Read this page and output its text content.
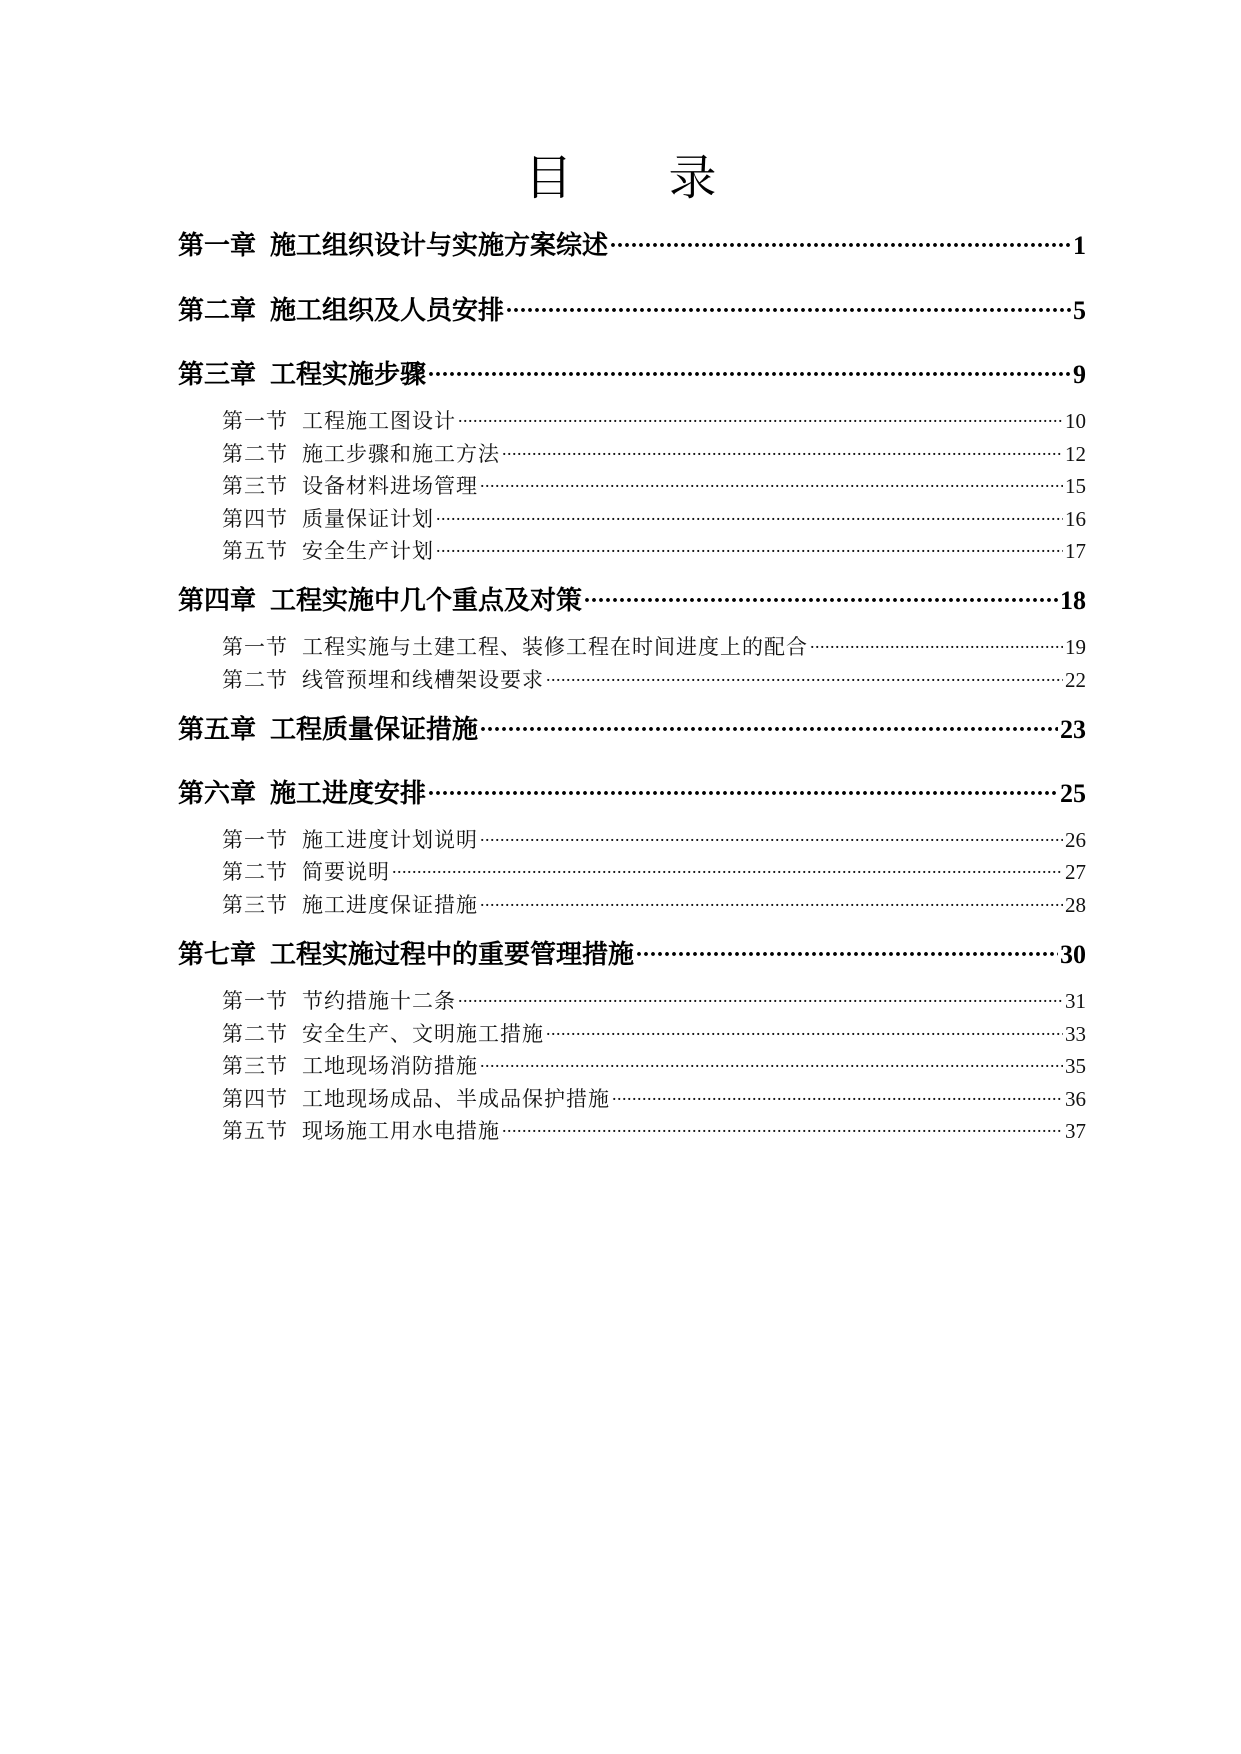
目 录
第一章 施工组织设计与实施方案综述 .....	1
第二章 施工组织及人员安排 .....	5
第三章 工程实施步骤 .....	9
第一节 工程施工图设计 .....	10
第二节 施工步骤和施工方法 .....	12
第三节 设备材料进场管理 .....	15
第四节 质量保证计划 .....	16
第五节 安全生产计划 .....	17
第四章 工程实施中几个重点及对策 .....	18
第一节 工程实施与土建工程、装修工程在时间进度上的配合 .....	19
第二节 线管预埋和线槽架设要求 .....	22
第五章 工程质量保证措施 .....	23
第六章 施工进度安排 .....	25
第一节 施工进度计划说明 .....	26
第二节 简要说明 .....	27
第三节 施工进度保证措施 .....	28
第七章 工程实施过程中的重要管理措施 .....	30
第一节 节约措施十二条 .....	31
第二节 安全生产、文明施工措施 .....	33
第三节 工地现场消防措施 .....	35
第四节 工地现场成品、半成品保护措施 .....	36
第五节 现场施工用水电措施 .....	37
